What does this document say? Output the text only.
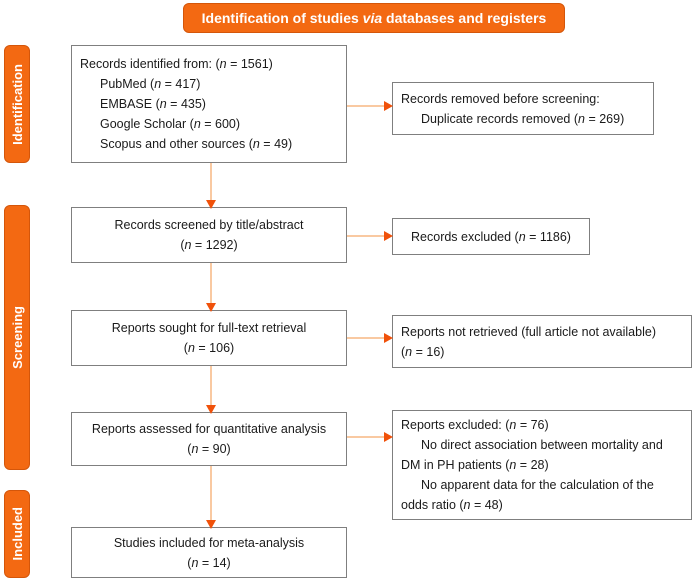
Identification of studies via databases and registers
Identification
Screening
Included
Records identified from: (n = 1561)
PubMed (n = 417)
EMBASE (n = 435)
Google Scholar (n = 600)
Scopus and other sources (n = 49)
Records screened by title/abstract
(n = 1292)
Reports sought for full-text retrieval
(n = 106)
Reports assessed for quantitative analysis
(n = 90)
Studies included for meta-analysis
(n = 14)
Records removed before screening:
Duplicate records removed (n = 269)
Records excluded (n = 1186)
Reports not retrieved (full article not available)
(n = 16)
Reports excluded: (n = 76)
No direct association between mortality and DM in PH patients (n = 28)
No apparent data for the calculation of the odds ratio (n = 48)
